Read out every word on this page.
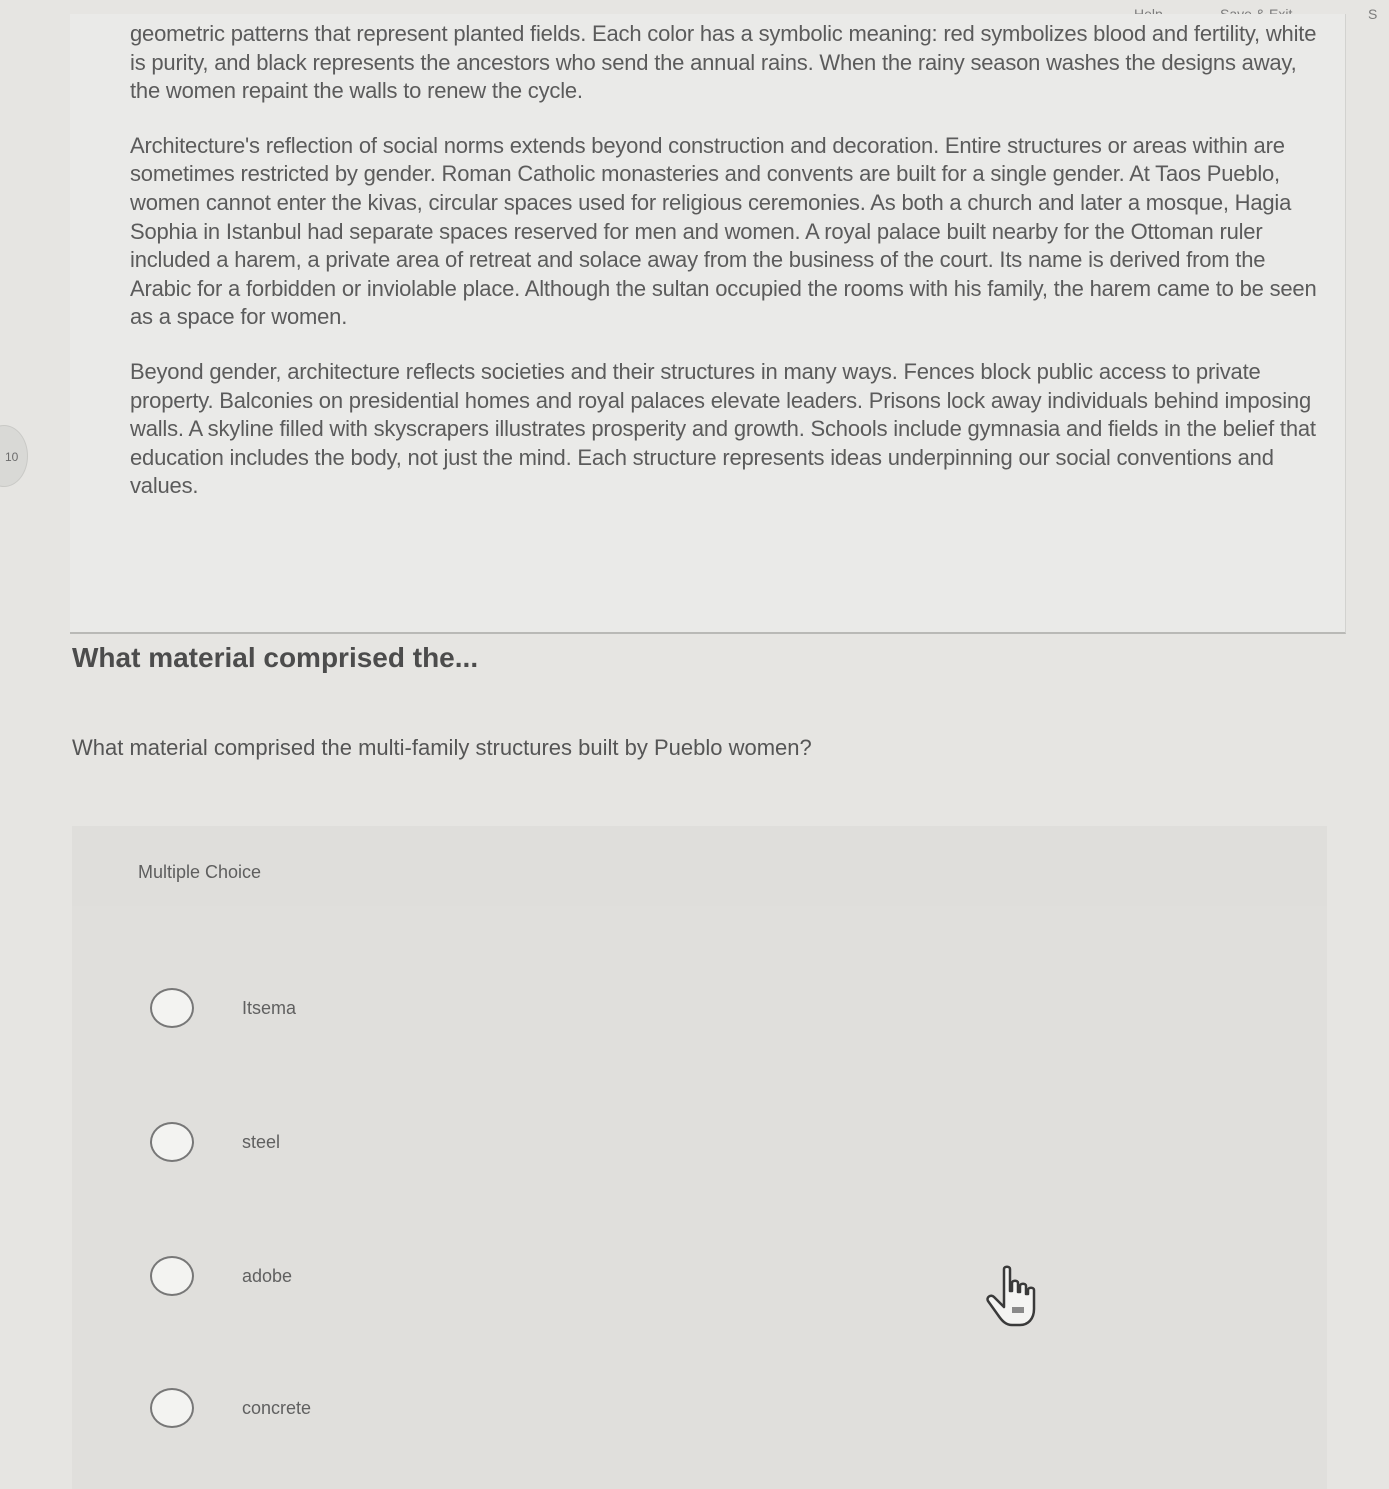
S

geometric patterns that represent planted fields. Each color has a symbolic meaning: red symbolizes blood and fertility, white is purity, and black represents the ancestors who send the annual rains. When the rainy season washes the designs away, the women repaint the walls to renew the cycle.

Architecture's reflection of social norms extends beyond construction and decoration. Entire structures or areas within are sometimes restricted by gender. Roman Catholic monasteries and convents are built for a single gender. At Taos Pueblo, women cannot enter the kivas, circular spaces used for religious ceremonies. As both a church and later a mosque, Hagia Sophia in Istanbul had separate spaces reserved for men and women. A royal palace built nearby for the Ottoman ruler included a harem, a private area of retreat and solace away from the business of the court. Its name is derived from the Arabic for a forbidden or inviolable place. Although the sultan occupied the rooms with his family, the harem came to be seen as a space for women.

Beyond gender, architecture reflects societies and their structures in many ways. Fences block public access to private property. Balconies on presidential homes and royal palaces elevate leaders. Prisons lock away individuals behind imposing walls. A skyline filled with skyscrapers illustrates prosperity and growth. Schools include gymnasia and fields in the belief that education includes the body, not just the mind. Each structure represents ideas underpinning our social conventions and values.

10
What material comprised the...

What material comprised the multi-family structures built by Pueblo women?

Multiple Choice
Itsema
steel
adobe
concrete
